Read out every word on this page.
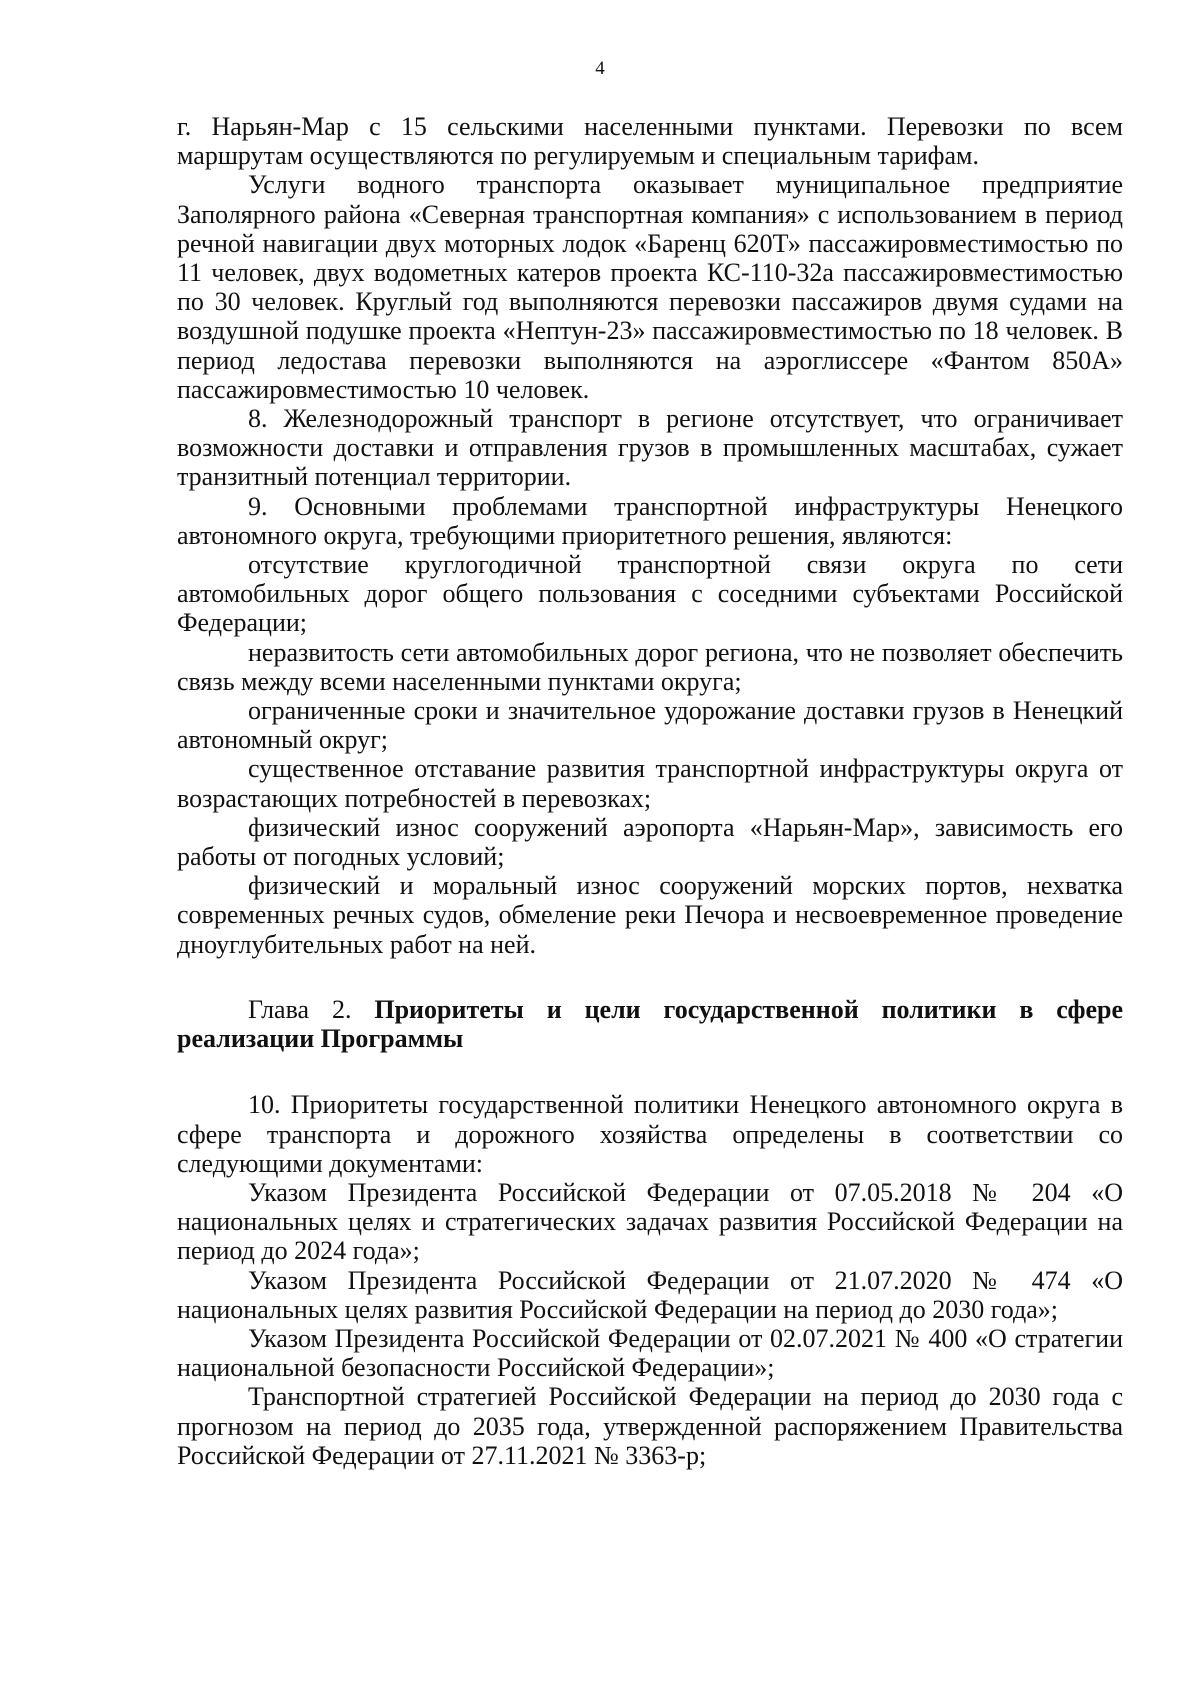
4

г. Нарьян-Мар с 15 сельскими населенными пунктами. Перевозки по всем маршрутам осуществляются по регулируемым и специальным тарифам.

Услуги водного транспорта оказывает муниципальное предприятие Заполярного района «Северная транспортная компания» с использованием в период речной навигации двух моторных лодок «Баренц 620Т» пассажировместимостью по 11 человек, двух водометных катеров проекта КС-110-32а пассажировместимостью по 30 человек. Круглый год выполняются перевозки пассажиров двумя судами на воздушной подушке проекта «Нептун-23» пассажировместимостью по 18 человек. В период ледостава перевозки выполняются на аэроглиссере «Фантом 850А» пассажировместимостью 10 человек.

8. Железнодорожный транспорт в регионе отсутствует, что ограничивает возможности доставки и отправления грузов в промышленных масштабах, сужает транзитный потенциал территории.

9. Основными проблемами транспортной инфраструктуры Ненецкого автономного округа, требующими приоритетного решения, являются:

отсутствие круглогодичной транспортной связи округа по сети автомобильных дорог общего пользования с соседними субъектами Российской Федерации;

неразвитость сети автомобильных дорог региона, что не позволяет обеспечить связь между всеми населенными пунктами округа;

ограниченные сроки и значительное удорожание доставки грузов в Ненецкий автономный округ;

существенное отставание развития транспортной инфраструктуры округа от возрастающих потребностей в перевозках;

физический износ сооружений аэропорта «Нарьян-Мар», зависимость его работы от погодных условий;

физический и моральный износ сооружений морских портов, нехватка современных речных судов, обмеление реки Печора и несвоевременное проведение дноуглубительных работ на ней.

Глава 2. Приоритеты и цели государственной политики в сфере реализации Программы

10. Приоритеты государственной политики Ненецкого автономного округа в сфере транспорта и дорожного хозяйства определены в соответствии со следующими документами:

Указом Президента Российской Федерации от 07.05.2018 № 204 «О национальных целях и стратегических задачах развития Российской Федерации на период до 2024 года»;

Указом Президента Российской Федерации от 21.07.2020 № 474 «О национальных целях развития Российской Федерации на период до 2030 года»;

Указом Президента Российской Федерации от 02.07.2021 № 400 «О стратегии национальной безопасности Российской Федерации»;

Транспортной стратегией Российской Федерации на период до 2030 года с прогнозом на период до 2035 года, утвержденной распоряжением Правительства Российской Федерации от 27.11.2021 № 3363-р;
